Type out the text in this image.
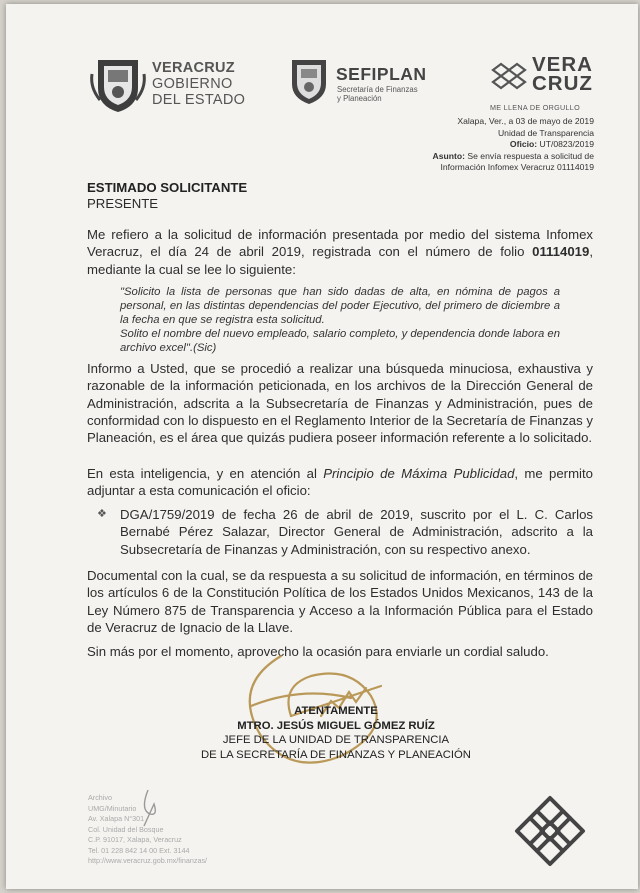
VERACRUZ
GOBIERNO
DEL ESTADO
SEFIPLAN
Secretaría de Finanzas
y Planeación
VERA
CRUZ
ME LLENA DE ORGULLO
Xalapa, Ver., a 03 de mayo de 2019
Unidad de Transparencia
Oficio: UT/0823/2019
Asunto: Se envía respuesta a solicitud de
Información Infomex Veracruz 01114019
ESTIMADO SOLICITANTE
PRESENTE
Me refiero a la solicitud de información presentada por medio del sistema Infomex Veracruz, el día 24 de abril 2019, registrada con el número de folio 01114019, mediante la cual se lee lo siguiente:
"Solicito la lista de personas que han sido dadas de alta, en nómina de pagos a personal, en las distintas dependencias del poder Ejecutivo, del primero de diciembre a la fecha en que se registra esta solicitud.
Solito el nombre del nuevo empleado, salario completo, y dependencia donde labora en archivo excel".(Sic)
Informo a Usted, que se procedió a realizar una búsqueda minuciosa, exhaustiva y razonable de la información peticionada, en los archivos de la Dirección General de Administración, adscrita a la Subsecretaría de Finanzas y Administración, pues de conformidad con lo dispuesto en el Reglamento Interior de la Secretaría de Finanzas y Planeación, es el área que quizás pudiera poseer información referente a lo solicitado.
En esta inteligencia, y en atención al Principio de Máxima Publicidad, me permito adjuntar a esta comunicación el oficio:
❖ DGA/1759/2019 de fecha 26 de abril de 2019, suscrito por el L. C. Carlos Bernabé Pérez Salazar, Director General de Administración, adscrito a la Subsecretaría de Finanzas y Administración, con su respectivo anexo.
Documental con la cual, se da respuesta a su solicitud de información, en términos de los artículos 6 de la Constitución Política de los Estados Unidos Mexicanos, 143 de la Ley Número 875 de Transparencia y Acceso a la Información Pública para el Estado de Veracruz de Ignacio de la Llave.
Sin más por el momento, aprovecho la ocasión para enviarle un cordial saludo.
ATENTAMENTE
MTRO. JESÚS MIGUEL GÓMEZ RUÍZ
JEFE DE LA UNIDAD DE TRANSPARENCIA
DE LA SECRETARÍA DE FINANZAS Y PLANEACIÓN
Archivo
UMG/Minutario
Av. Xalapa N°301
Col. Unidad del Bosque
C.P. 91017, Xalapa, Veracruz
Tel. 01 228 842 14 00 Ext. 3144
http://www.veracruz.gob.mx/finanzas/
